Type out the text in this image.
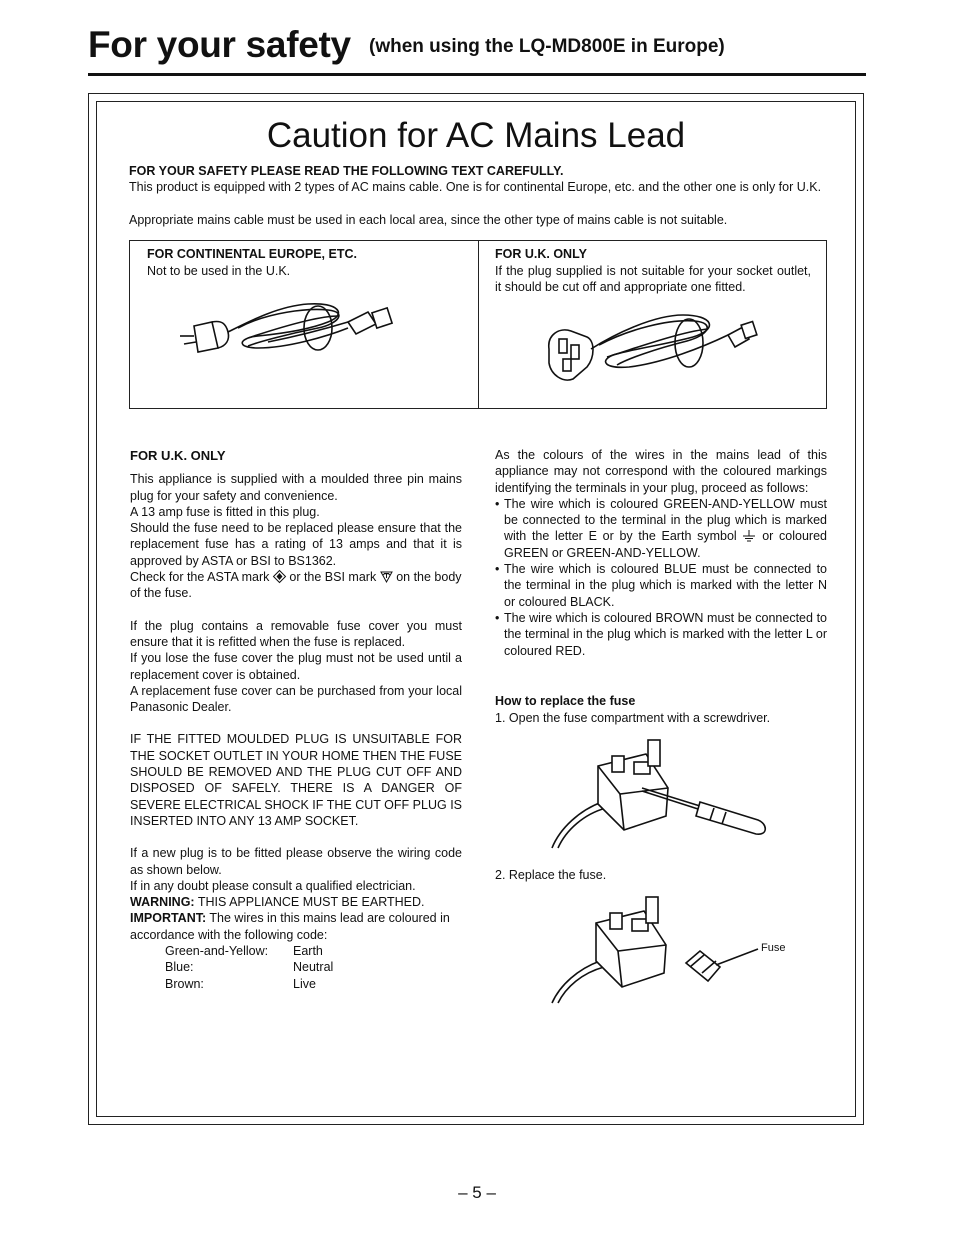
For your safety (when using the LQ-MD800E in Europe)
Caution for AC Mains Lead
FOR YOUR SAFETY PLEASE READ THE FOLLOWING TEXT CAREFULLY.
This product is equipped with 2 types of AC mains cable. One is for continental Europe, etc. and the other one is only for U.K.
Appropriate mains cable must be used in each local area, since the other type of mains cable is not suitable.
FOR CONTINENTAL EUROPE, ETC.
Not to be used in the U.K.
FOR U.K. ONLY
If the plug supplied is not suitable for your socket outlet, it should be cut off and appropriate one fitted.
FOR U.K. ONLY
This appliance is supplied with a moulded three pin mains plug for your safety and convenience.
A 13 amp fuse is fitted in this plug.
Should the fuse need to be replaced please ensure that the replacement fuse has a rating of 13 amps and that it is approved by ASTA or BSI to BS1362.
Check for the ASTA mark or the BSI mark on the body of the fuse.
If the plug contains a removable fuse cover you must ensure that it is refitted when the fuse is replaced.
If you lose the fuse cover the plug must not be used until a replacement cover is obtained.
A replacement fuse cover can be purchased from your local Panasonic Dealer.
IF THE FITTED MOULDED PLUG IS UNSUITABLE FOR THE SOCKET OUTLET IN YOUR HOME THEN THE FUSE SHOULD BE REMOVED AND THE PLUG CUT OFF AND DISPOSED OF SAFELY. THERE IS A DANGER OF SEVERE ELECTRICAL SHOCK IF THE CUT OFF PLUG IS INSERTED INTO ANY 13 AMP SOCKET.
If a new plug is to be fitted please observe the wiring code as shown below.
If in any doubt please consult a qualified electrician.
WARNING: THIS APPLIANCE MUST BE EARTHED.
IMPORTANT: The wires in this mains lead are coloured in accordance with the following code:
Green-and-Yellow:	Earth
Blue:	Neutral
Brown:	Live
As the colours of the wires in the mains lead of this appliance may not correspond with the coloured markings identifying the terminals in your plug, proceed as follows:
• The wire which is coloured GREEN-AND-YELLOW must be connected to the terminal in the plug which is marked with the letter E or by the Earth symbol or coloured GREEN or GREEN-AND-YELLOW.
• The wire which is coloured BLUE must be connected to the terminal in the plug which is marked with the letter N or coloured BLACK.
• The wire which is coloured BROWN must be connected to the terminal in the plug which is marked with the letter L or coloured RED.
How to replace the fuse
1. Open the fuse compartment with a screwdriver.
2. Replace the fuse.
Fuse
– 5 –
